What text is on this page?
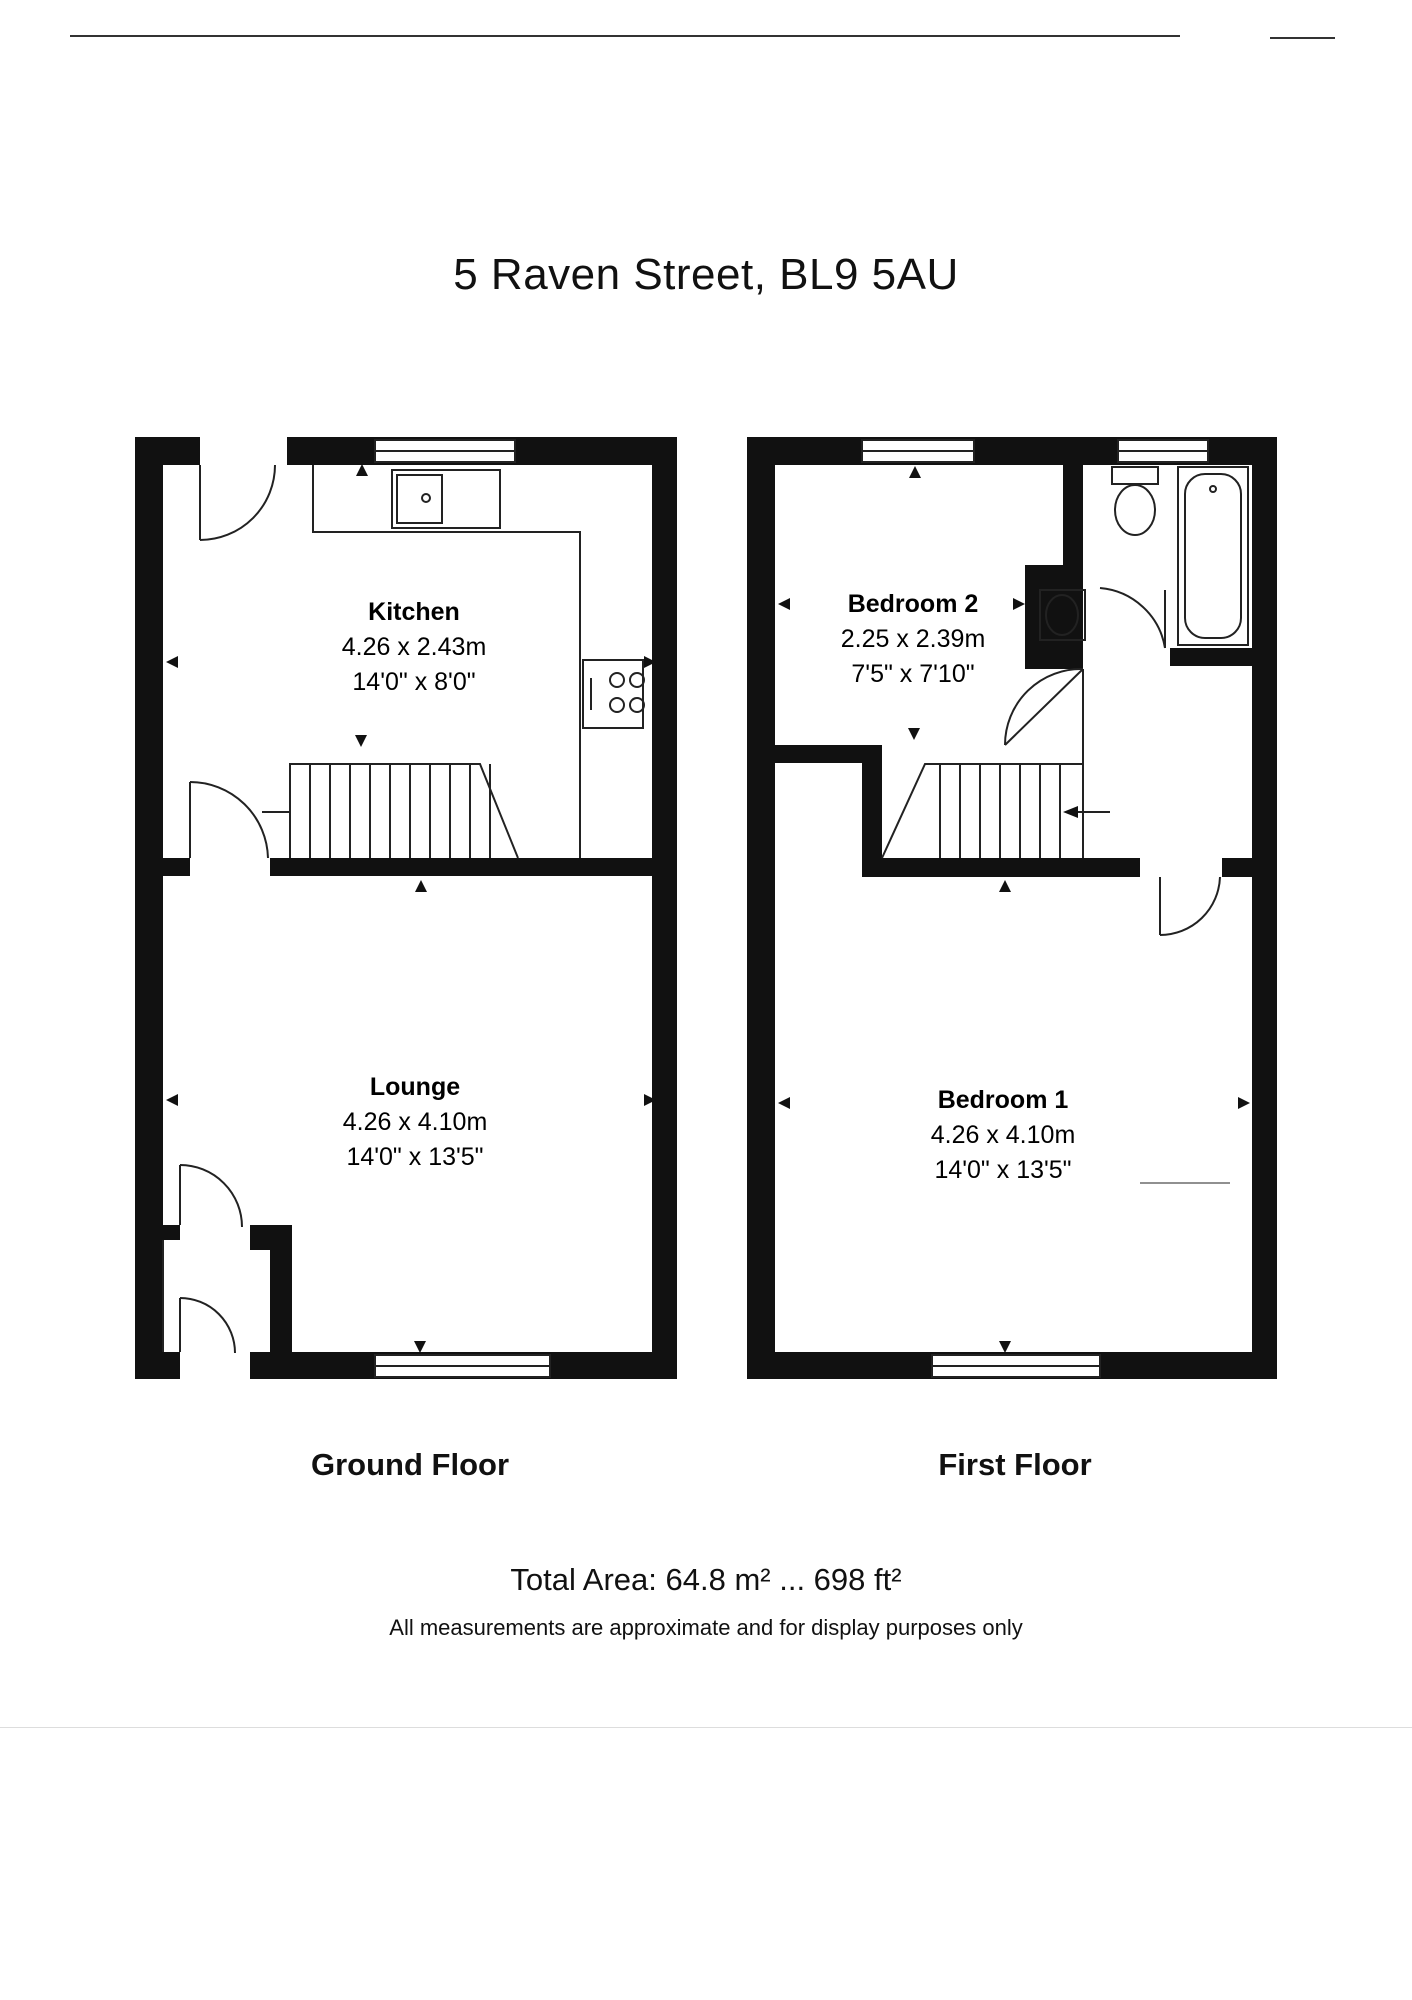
5 Raven Street, BL9 5AU
Kitchen
4.26 x 2.43m
14'0" x 8'0"
Lounge
4.26 x 4.10m
14'0" x 13'5"
Bedroom 2
2.25 x 2.39m
7'5" x 7'10"
Bedroom 1
4.26 x 4.10m
14'0" x 13'5"
Ground Floor	First Floor
Total Area: 64.8 m² ... 698 ft²
All measurements are approximate and for display purposes only
